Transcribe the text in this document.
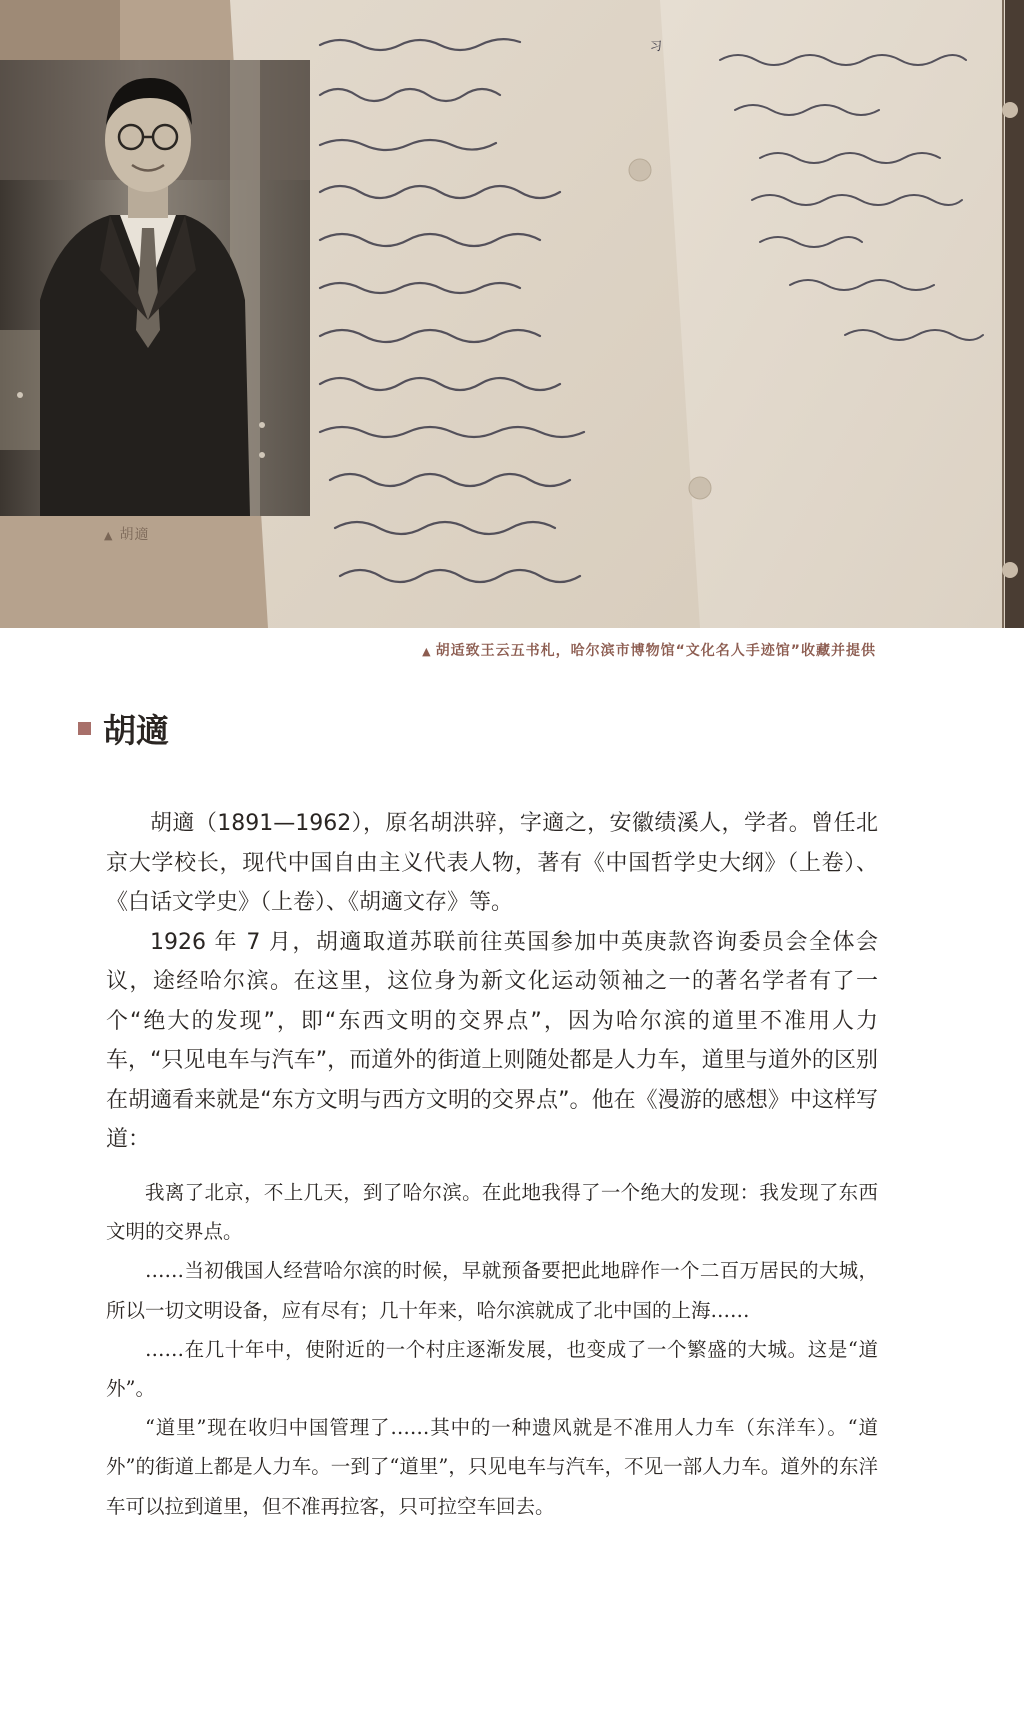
习
▲ 胡適
▲ 胡适致王云五书札，哈尔滨市博物馆“文化名人手迹馆”收藏并提供
胡適

胡適（1891—1962），原名胡洪骍，字適之，安徽绩溪人，学者。曾任北京大学校长，现代中国自由主义代表人物，著有《中国哲学史大纲》（上卷）、《白话文学史》（上卷）、《胡適文存》等。

1926 年 7 月，胡適取道苏联前往英国参加中英庚款咨询委员会全体会议，途经哈尔滨。在这里，这位身为新文化运动领袖之一的著名学者有了一个“绝大的发现”，即“东西文明的交界点”，因为哈尔滨的道里不准用人力车，“只见电车与汽车”，而道外的街道上则随处都是人力车，道里与道外的区别在胡適看来就是“东方文明与西方文明的交界点”。他在《漫游的感想》中这样写道：

我离了北京，不上几天，到了哈尔滨。在此地我得了一个绝大的发现：我发现了东西文明的交界点。

……当初俄国人经营哈尔滨的时候，早就预备要把此地辟作一个二百万居民的大城，所以一切文明设备，应有尽有；几十年来，哈尔滨就成了北中国的上海……

……在几十年中，使附近的一个村庄逐渐发展，也变成了一个繁盛的大城。这是“道外”。

“道里”现在收归中国管理了……其中的一种遗风就是不准用人力车（东洋车）。“道外”的街道上都是人力车。一到了“道里”，只见电车与汽车，不见一部人力车。道外的东洋车可以拉到道里，但不准再拉客，只可拉空车回去。
